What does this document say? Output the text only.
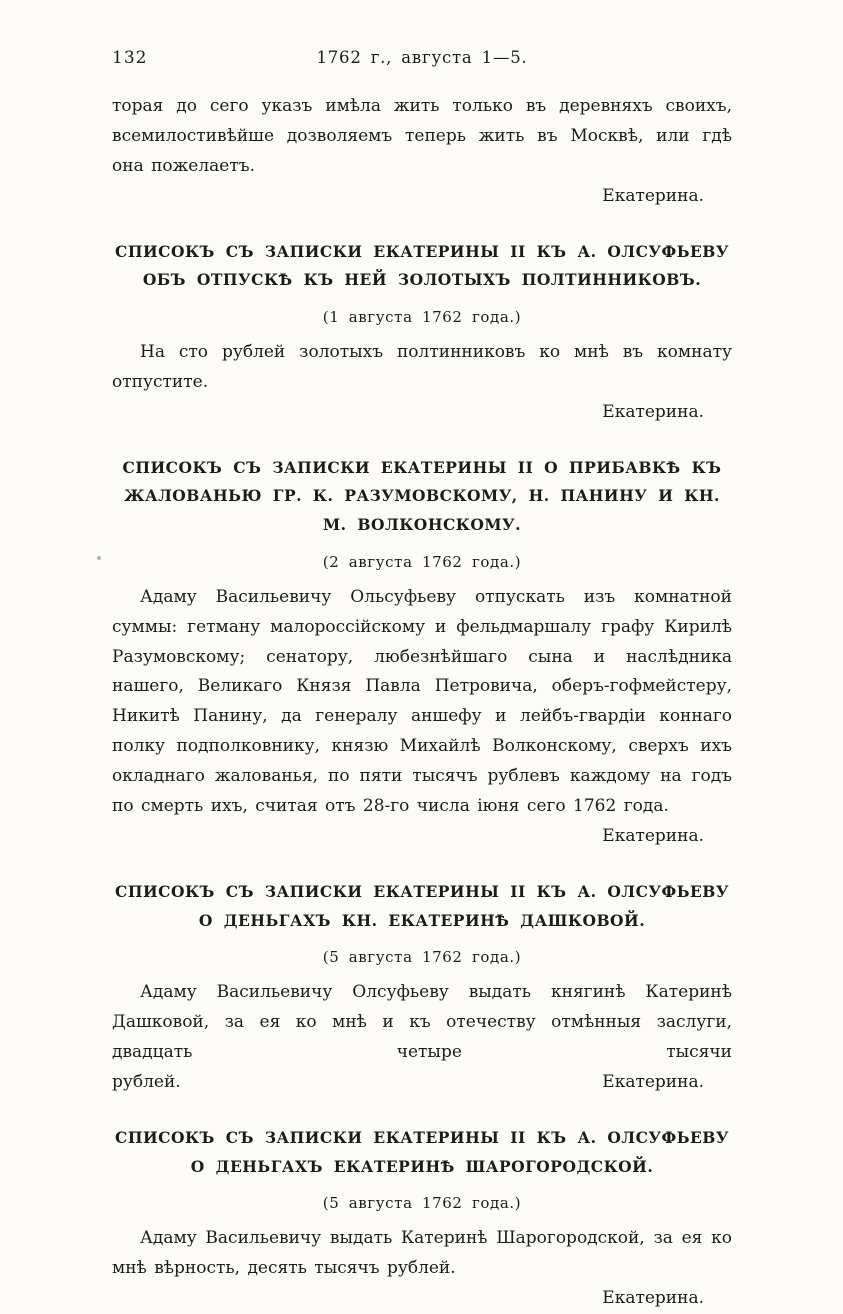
132	1762 г., августа 1—5.

торая до сего указъ имѣла жить только въ деревняхъ своихъ, всемилостивѣйше дозволяемъ теперь жить въ Москвѣ, или гдѣ она пожелаетъ.

Екатерина.
СПИСОКЪ СЪ ЗАПИСКИ ЕКАТЕРИНЫ II КЪ А. ОЛСУФЬЕВУ ОБЪ ОТПУСКѢ КЪ НЕЙ ЗОЛОТЫХЪ ПОЛТИННИКОВЪ.
(1 августа 1762 года.)

На сто рублей золотыхъ полтинниковъ ко мнѣ въ комнату отпустите.

Екатерина.
СПИСОКЪ СЪ ЗАПИСКИ ЕКАТЕРИНЫ II О ПРИБАВКѢ КЪ ЖАЛОВАНЬЮ ГР. К. РАЗУМОВСКОМУ, Н. ПАНИНУ И КН. М. ВОЛКОНСКОМУ.
(2 августа 1762 года.)

Адаму Васильевичу Ольсуфьеву отпускать изъ комнатной суммы: гетману малороссійскому и фельдмаршалу графу Кирилѣ Разумовскому; сенатору, любезнѣйшаго сына и наслѣдника нашего, Великаго Князя Павла Петровича, оберъ-гофмейстеру, Никитѣ Панину, да генералу аншефу и лейбъ-гвардіи коннаго полку подполковнику, князю Михайлѣ Волконскому, сверхъ ихъ окладнаго жалованья, по пяти тысячъ рублевъ каждому на годъ по смерть ихъ, считая отъ 28-го числа іюня сего 1762 года.

Екатерина.
СПИСОКЪ СЪ ЗАПИСКИ ЕКАТЕРИНЫ II КЪ А. ОЛСУФЬЕВУ О ДЕНЬГАХЪ КН. ЕКАТЕРИНѢ ДАШКОВОЙ.
(5 августа 1762 года.)

Адаму Васильевичу Олсуфьеву выдать княгинѣ Катеринѣ Дашковой, за ея ко мнѣ и къ отечеству отмѣнныя заслуги, двадцать четыре тысячи

рублей.	Екатерина.
СПИСОКЪ СЪ ЗАПИСКИ ЕКАТЕРИНЫ II КЪ А. ОЛСУФЬЕВУ О ДЕНЬГАХЪ ЕКАТЕРИНѢ ШАРОГОРОДСКОЙ.
(5 августа 1762 года.)

Адаму Васильевичу выдать Катеринѣ Шарогородской, за ея ко мнѣ вѣрность, десять тысячъ рублей.

Екатерина.
